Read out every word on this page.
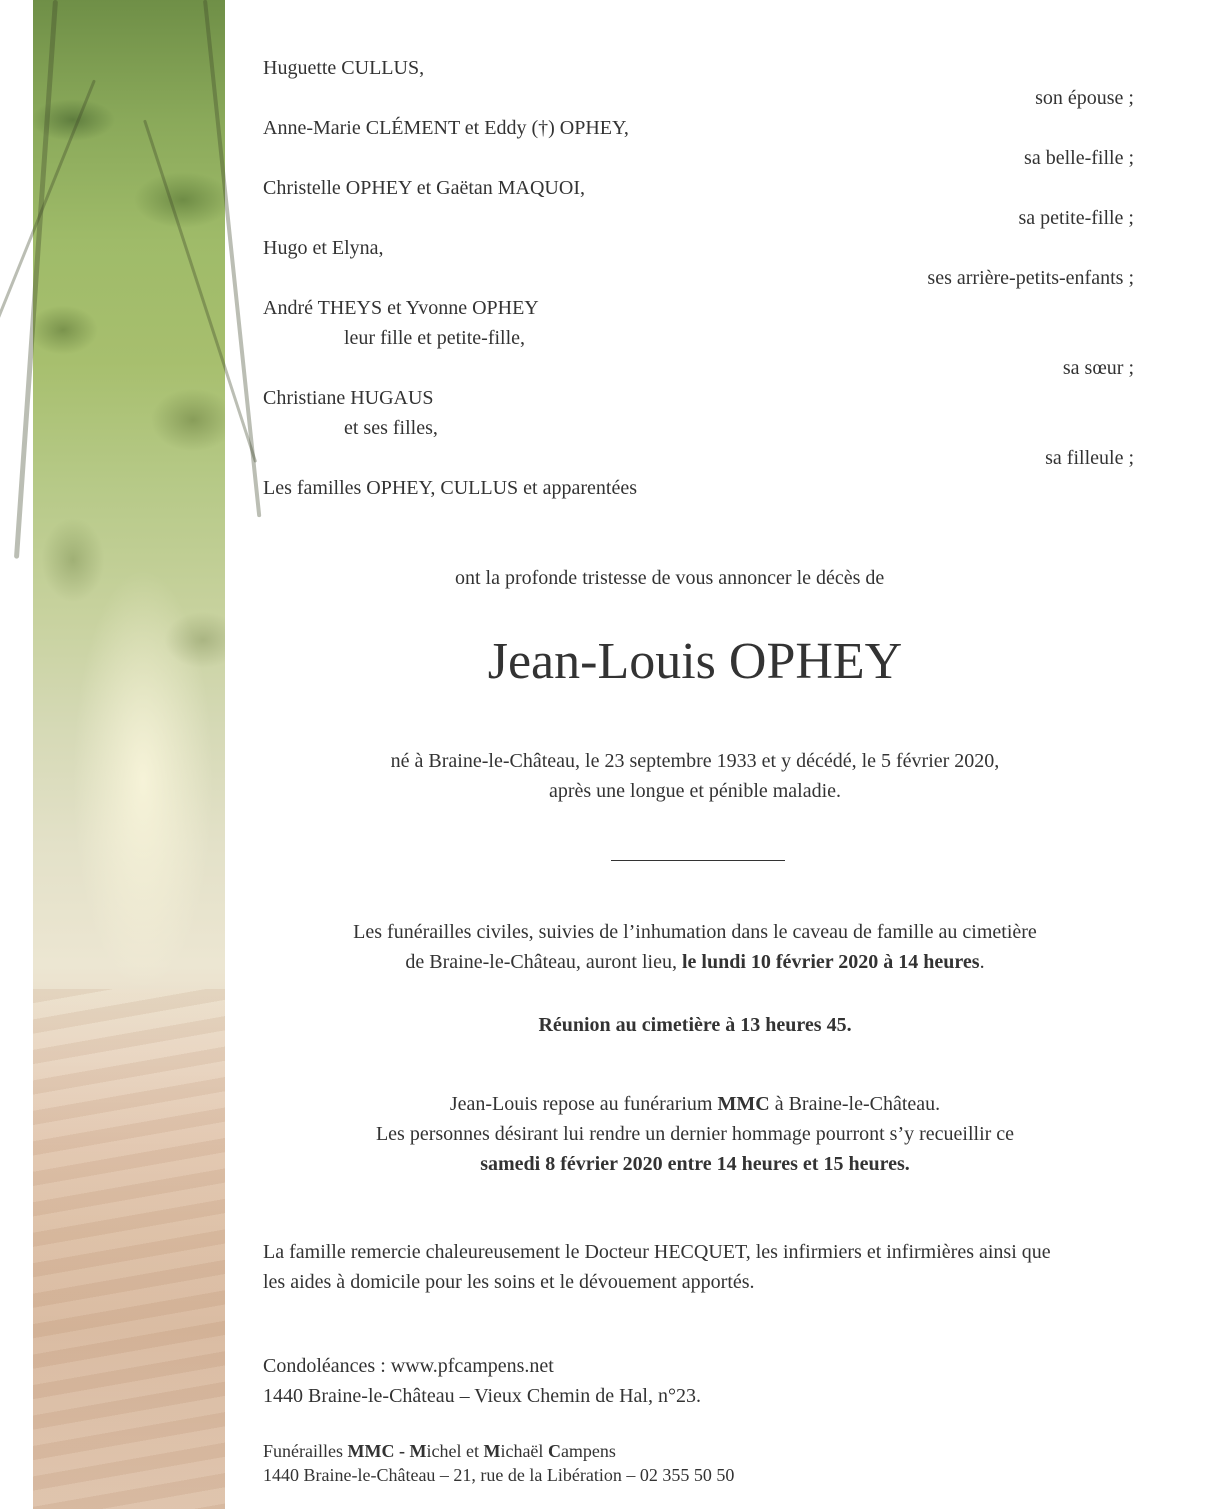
Huguette CULLUS,
son épouse ;
Anne-Marie CLÉMENT et Eddy (†) OPHEY,
sa belle-fille ;
Christelle OPHEY et Gaëtan MAQUOI,
sa petite-fille ;
Hugo et Elyna,
ses arrière-petits-enfants ;
André THEYS et Yvonne OPHEY
leur fille et petite-fille,
sa sœur ;
Christiane HUGAUS
et ses filles,
sa filleule ;
Les familles OPHEY, CULLUS et apparentées
ont la profonde tristesse de vous annoncer le décès de
Jean-Louis OPHEY
né à Braine-le-Château, le 23 septembre 1933 et y décédé, le 5 février 2020,
après une longue et pénible maladie.
Les funérailles civiles, suivies de l’inhumation dans le caveau de famille au cimetière
de Braine-le-Château, auront lieu, le lundi 10 février 2020 à 14 heures.
Réunion au cimetière à 13 heures 45.
Jean-Louis repose au funérarium MMC à Braine-le-Château.
Les personnes désirant lui rendre un dernier hommage pourront s’y recueillir ce
samedi 8 février 2020 entre 14 heures et 15 heures.
La famille remercie chaleureusement le Docteur HECQUET, les infirmiers et infirmières ainsi que
les aides à domicile pour les soins et le dévouement apportés.
Condoléances : www.pfcampens.net
1440 Braine-le-Château – Vieux Chemin de Hal, n°23.
Funérailles MMC - Michel et Michaël Campens
1440 Braine-le-Château – 21, rue de la Libération – 02 355 50 50
